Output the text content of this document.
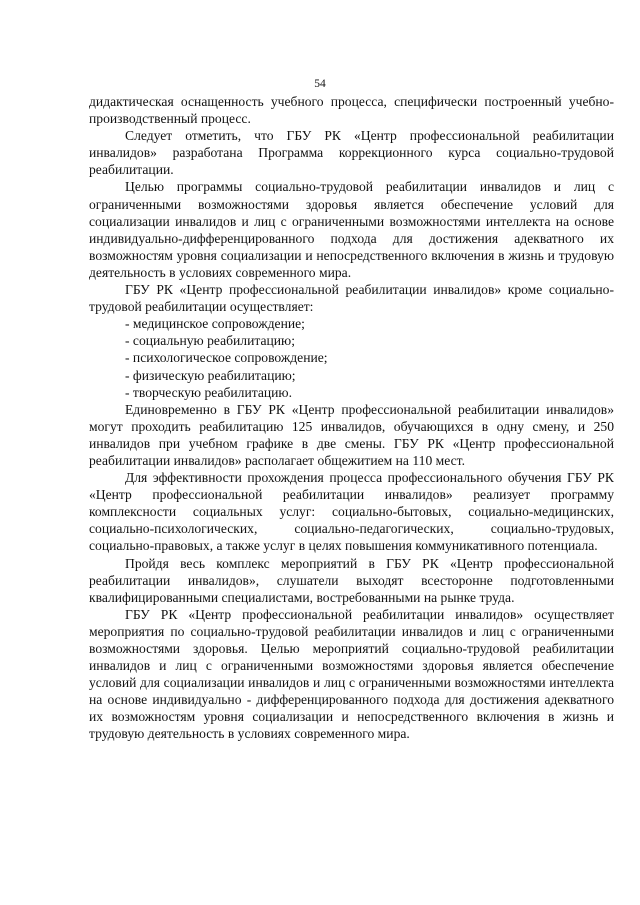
54

дидактическая оснащенность учебного процесса, специфически построенный учебно-производственный процесс.

Следует отметить, что ГБУ РК «Центр профессиональной реабилитации инвалидов» разработана Программа коррекционного курса социально-трудовой реабилитации.

Целью программы социально-трудовой реабилитации инвалидов и лиц с ограниченными возможностями здоровья является обеспечение условий для социализации инвалидов и лиц с ограниченными возможностями интеллекта на основе индивидуально-дифференцированного подхода для достижения адекватного их возможностям уровня социализации и непосредственного включения в жизнь и трудовую деятельность в условиях современного мира.

ГБУ РК «Центр профессиональной реабилитации инвалидов» кроме социально-трудовой реабилитации осуществляет:

- медицинское сопровождение;
- социальную реабилитацию;
- психологическое сопровождение;
- физическую реабилитацию;
- творческую реабилитацию.

Единовременно в ГБУ РК «Центр профессиональной реабилитации инвалидов» могут проходить реабилитацию 125 инвалидов, обучающихся в одну смену, и 250 инвалидов при учебном графике в две смены. ГБУ РК «Центр профессиональной реабилитации инвалидов» располагает общежитием на 110 мест.

Для эффективности прохождения процесса профессионального обучения ГБУ РК «Центр профессиональной реабилитации инвалидов» реализует программу комплексности социальных услуг: социально-бытовых, социально-медицинских, социально-психологических, социально-педагогических, социально-трудовых, социально-правовых, а также услуг в целях повышения коммуникативного потенциала.

Пройдя весь комплекс мероприятий в ГБУ РК «Центр профессиональной реабилитации инвалидов», слушатели выходят всесторонне подготовленными квалифицированными специалистами, востребованными на рынке труда.

ГБУ РК «Центр профессиональной реабилитации инвалидов» осуществляет мероприятия по социально-трудовой реабилитации инвалидов и лиц с ограниченными возможностями здоровья. Целью мероприятий социально-трудовой реабилитации инвалидов и лиц с ограниченными возможностями здоровья является обеспечение условий для социализации инвалидов и лиц с ограниченными возможностями интеллекта на основе индивидуально - дифференцированного подхода для достижения адекватного их возможностям уровня социализации и непосредственного включения в жизнь и трудовую деятельность в условиях современного мира.
